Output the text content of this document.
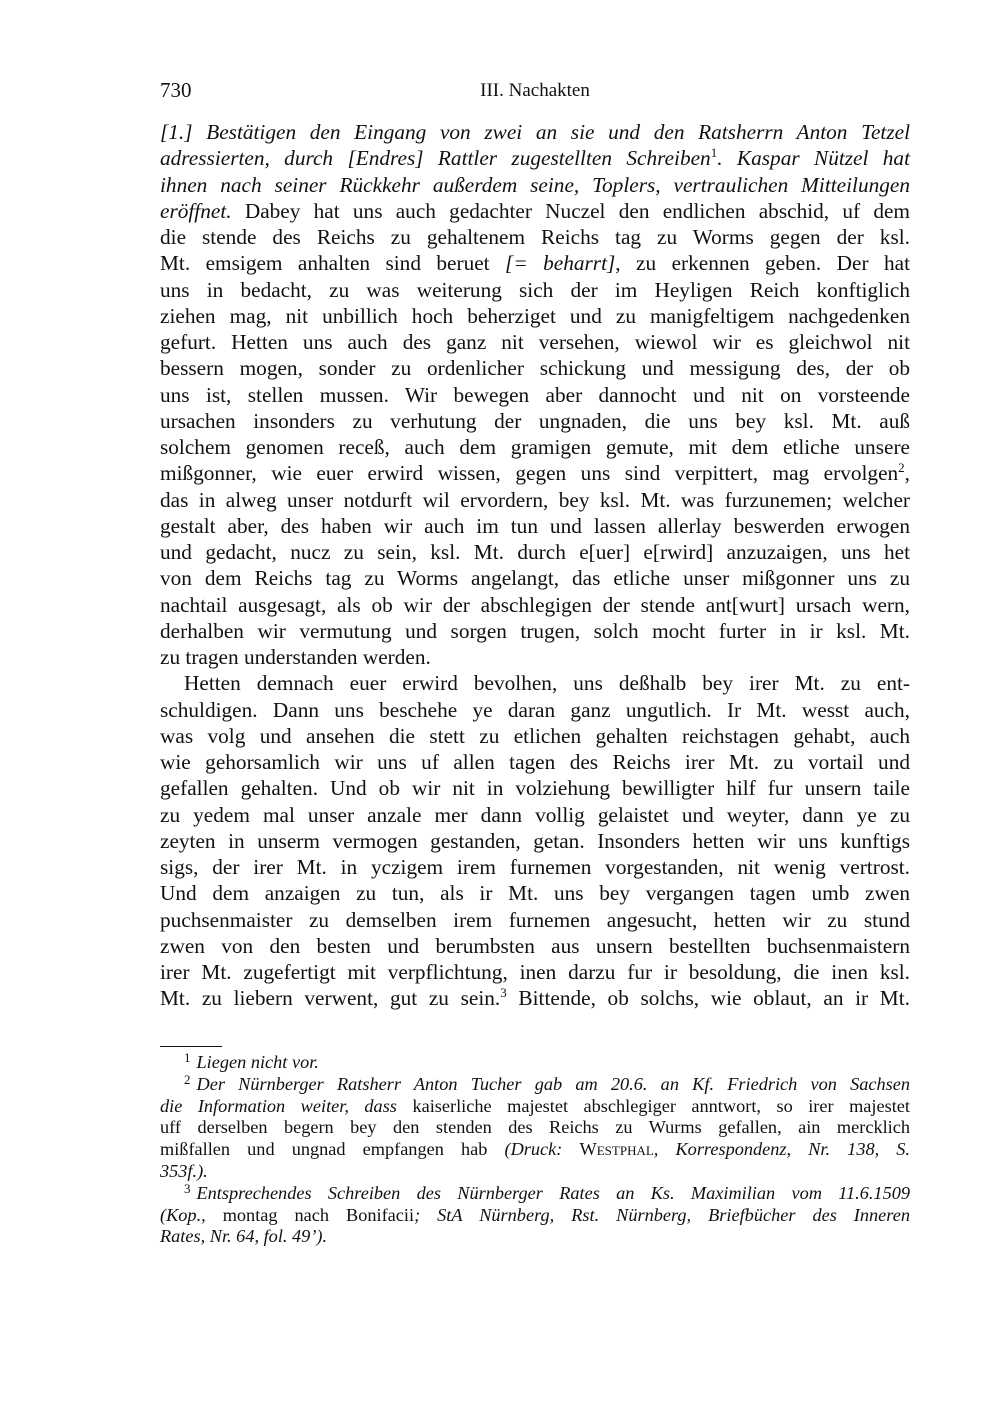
730	III. Nachakten
[1.] Bestätigen den Eingang von zwei an sie und den Ratsherrn Anton Tetzel
adressierten, durch [Endres] Rattler zugestellten Schreiben$^1$. Kaspar Nützel hat
ihnen nach seiner Rückkehr außerdem seine, Toplers, vertraulichen Mitteilungen
eröffnet. Dabey hat uns auch gedachter Nuczel den endlichen abschid, uf dem
die stende des Reichs zu gehaltenem Reichs tag zu Worms gegen der ksl.
Mt. emsigem anhalten sind beruet [= beharrt], zu erkennen geben. Der hat
uns in bedacht, zu was weiterung sich der im Heyligen Reich konftiglich
ziehen mag, nit unbillich hoch beherziget und zu manigfeltigem nachgedenken
gefurt. Hetten uns auch des ganz nit versehen, wiewol wir es gleichwol nit
bessern mogen, sonder zu ordenlicher schickung und messigung des, der ob
uns ist, stellen mussen. Wir bewegen aber dannocht und nit on vorsteende
ursachen insonders zu verhutung der ungnaden, die uns bey ksl. Mt. auß
solchem genomen receß, auch dem gramigen gemute, mit dem etliche unsere
mißgonner, wie euer erwird wissen, gegen uns sind verpittert, mag ervolgen$^2$,
das in alweg unser notdurft wil ervordern, bey ksl. Mt. was furzunemen; welcher
gestalt aber, des haben wir auch im tun und lassen allerlay beswerden erwogen
und gedacht, nucz zu sein, ksl. Mt. durch e[uer] e[rwird] anzuzaigen, uns het
von dem Reichs tag zu Worms angelangt, das etliche unser mißgonner uns zu
nachtail ausgesagt, als ob wir der abschlegigen der stende ant[wurt] ursach wern,
derhalben wir vermutung und sorgen trugen, solch mocht furter in ir ksl. Mt.
zu tragen understanden werden.
Hetten demnach euer erwird bevolhen, uns deßhalb bey irer Mt. zu ent-
schuldigen. Dann uns beschehe ye daran ganz ungutlich. Ir Mt. wesst auch,
was volg und ansehen die stett zu etlichen gehalten reichstagen gehabt, auch
wie gehorsamlich wir uns uf allen tagen des Reichs irer Mt. zu vortail und
gefallen gehalten. Und ob wir nit in volziehung bewilligter hilf fur unsern taile
zu yedem mal unser anzale mer dann vollig gelaistet und weyter, dann ye zu
zeyten in unserm vermogen gestanden, getan. Insonders hetten wir uns kunftigs
sigs, der irer Mt. in yczigem irem furnemen vorgestanden, nit wenig vertrost.
Und dem anzaigen zu tun, als ir Mt. uns bey vergangen tagen umb zwen
puchsenmaister zu demselben irem furnemen angesucht, hetten wir zu stund
zwen von den besten und berumbsten aus unsern bestellten buchsenmaistern
irer Mt. zugefertigt mit verpflichtung, inen darzu fur ir besoldung, die inen ksl.
Mt. zu liebern verwent, gut zu sein.$^3$ Bittende, ob solchs, wie oblaut, an ir Mt.
$^1$ Liegen nicht vor.
$^2$ Der Nürnberger Ratsherr Anton Tucher gab am 20.6. an Kf. Friedrich von Sachsen
die Information weiter, dass kaiserliche majestet abschlegiger anntwort, so irer majestet
uff derselben begern bey den stenden des Reichs zu Wurms gefallen, ain mercklich
mißfallen und ungnad empfangen hab (Druck: Westphal, Korrespondenz, Nr. 138, S.
353f.).
$^3$ Entsprechendes Schreiben des Nürnberger Rates an Ks. Maximilian vom 11.6.1509
(Kop., montag nach Bonifacii; StA Nürnberg, Rst. Nürnberg, Briefbücher des Inneren
Rates, Nr. 64, fol. 49’).
